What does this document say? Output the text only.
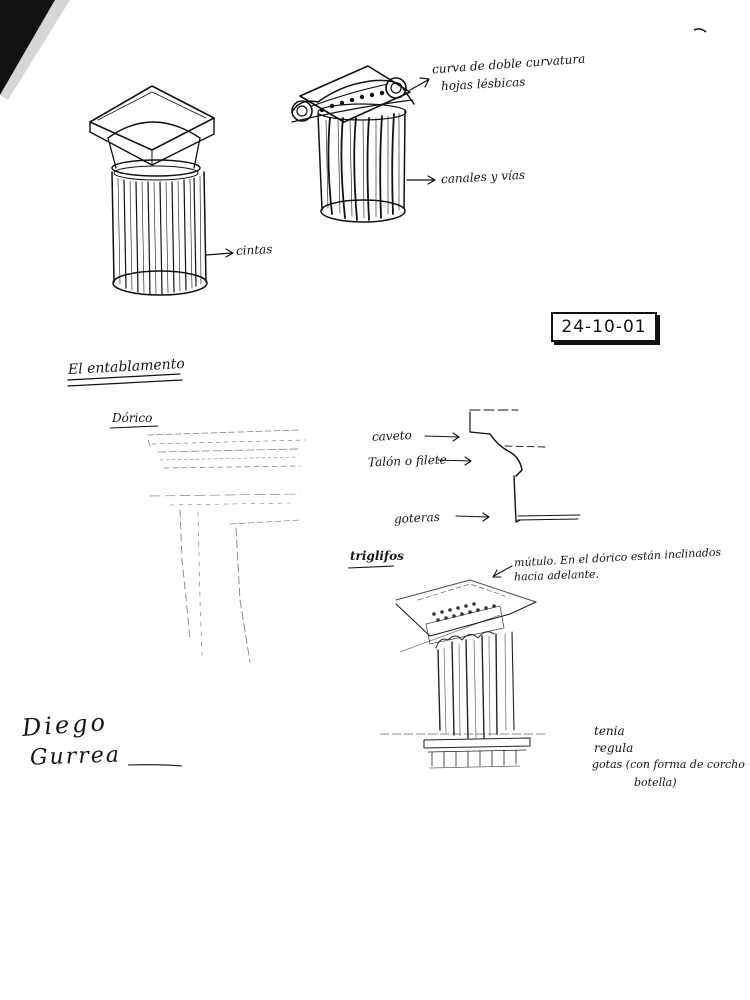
curva de doble curvatura
hojas lésbicas
canales y vías
cintas
24-10-01
El entablamento
Dórico
caveto
Talón o filete
goteras
triglifos	mútulo. En el dórico están inclinados
hacia adelante.
tenia
regula
gotas (con forma de corcho
botella)
Diego
Gurrea
